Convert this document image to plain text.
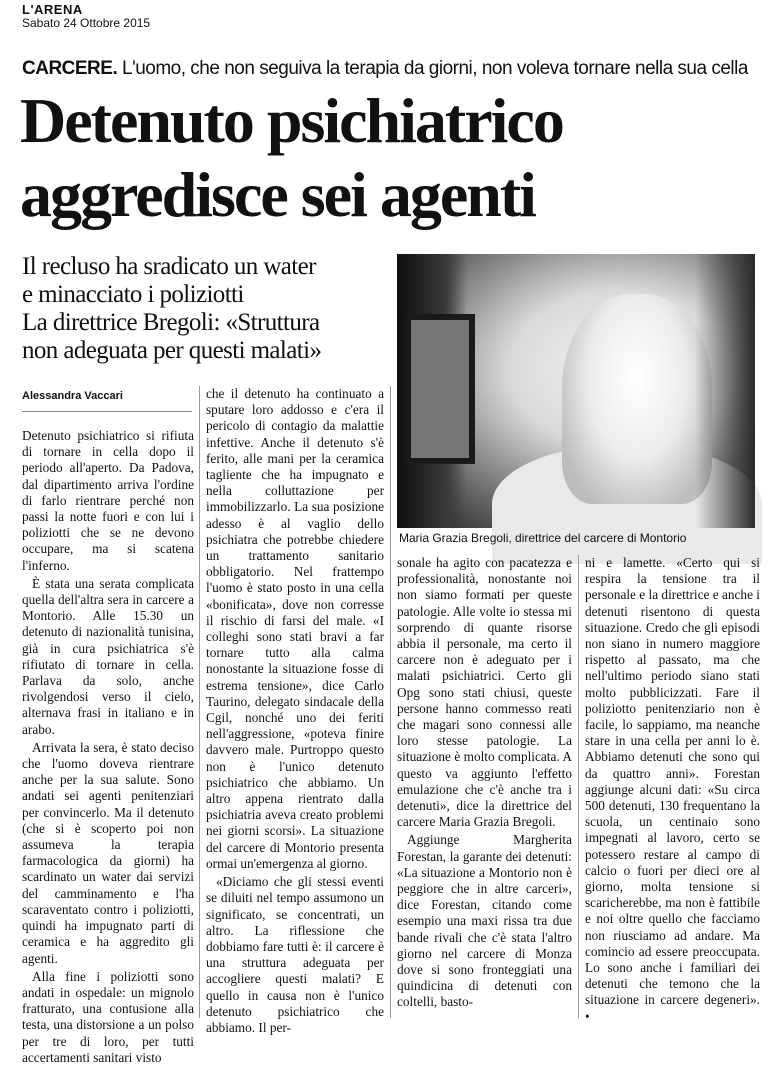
L'ARENA
Sabato 24 Ottobre 2015
CARCERE. L'uomo, che non seguiva la terapia da giorni, non voleva tornare nella sua cella
Detenuto psichiatrico
aggredisce sei agenti
Il recluso ha sradicato un water
e minacciato i poliziotti
La direttrice Bregoli: «Struttura
non adeguata per questi malati»
Maria Grazia Bregoli, direttrice del carcere di Montorio
Alessandra Vaccari

Detenuto psichiatrico si rifiuta di tornare in cella dopo il periodo all'aperto. Da Padova, dal dipartimento arriva l'ordine di farlo rientrare perché non passi la notte fuori e con lui i poliziotti che se ne devono occupare, ma si scatena l'inferno.

È stata una serata complicata quella dell'altra sera in carcere a Montorio. Alle 15.30 un detenuto di nazionalità tunisina, già in cura psichiatrica s'è rifiutato di tornare in cella. Parlava da solo, anche rivolgendosi verso il cielo, alternava frasi in italiano e in arabo.

Arrivata la sera, è stato deciso che l'uomo doveva rientrare anche per la sua salute. Sono andati sei agenti penitenziari per convincerlo. Ma il detenuto (che si è scoperto poi non assumeva la terapia farmacologica da giorni) ha scardinato un water dai servizi del camminamento e l'ha scaraventato contro i poliziotti, quindi ha impugnato parti di ceramica e ha aggredito gli agenti.

Alla fine i poliziotti sono andati in ospedale: un mignolo fratturato, una contusione alla testa, una distorsione a un polso per tre di loro, per tutti accertamenti sanitari visto

che il detenuto ha continuato a sputare loro addosso e c'era il pericolo di contagio da malattie infettive. Anche il detenuto s'è ferito, alle mani per la ceramica tagliente che ha impugnato e nella colluttazione per immobilizzarlo. La sua posizione adesso è al vaglio dello psichiatra che potrebbe chiedere un trattamento sanitario obbligatorio. Nel frattempo l'uomo è stato posto in una cella «bonificata», dove non corresse il rischio di farsi del male. «I colleghi sono stati bravi a far tornare tutto alla calma nonostante la situazione fosse di estrema tensione», dice Carlo Taurino, delegato sindacale della Cgil, nonché uno dei feriti nell'aggressione, «poteva finire davvero male. Purtroppo questo non è l'unico detenuto psichiatrico che abbiamo. Un altro appena rientrato dalla psichiatria aveva creato problemi nei giorni scorsi». La situazione del carcere di Montorio presenta ormai un'emergenza al giorno.

«Diciamo che gli stessi eventi se diluiti nel tempo assumono un significato, se concentrati, un altro. La riflessione che dobbiamo fare tutti è: il carcere è una struttura adeguata per accogliere questi malati? E quello in causa non è l'unico detenuto psichiatrico che abbiamo. Il per-

sonale ha agito con pacatezza e professionalità, nonostante noi non siamo formati per queste patologie. Alle volte io stessa mi sorprendo di quante risorse abbia il personale, ma certo il carcere non è adeguato per i malati psichiatrici. Certo gli Opg sono stati chiusi, queste persone hanno commesso reati che magari sono connessi alle loro stesse patologie. La situazione è molto complicata. A questo va aggiunto l'effetto emulazione che c'è anche tra i detenuti», dice la direttrice del carcere Maria Grazia Bregoli.

Aggiunge Margherita Forestan, la garante dei detenuti: «La situazione a Montorio non è peggiore che in altre carceri», dice Forestan, citando come esempio una maxi rissa tra due bande rivali che c'è stata l'altro giorno nel carcere di Monza dove si sono fronteggiati una quindicina di detenuti con coltelli, basto-

ni e lamette. «Certo qui si respira la tensione tra il personale e la direttrice e anche i detenuti risentono di questa situazione. Credo che gli episodi non siano in numero maggiore rispetto al passato, ma che nell'ultimo periodo siano stati molto pubblicizzati. Fare il poliziotto penitenziario non è facile, lo sappiamo, ma neanche stare in una cella per anni lo è. Abbiamo detenuti che sono qui da quattro anni». Forestan aggiunge alcuni dati: «Su circa 500 detenuti, 130 frequentano la scuola, un centinaio sono impegnati al lavoro, certo se potessero restare al campo di calcio o fuori per dieci ore al giorno, molta tensione si scaricherebbe, ma non è fattibile e noi oltre quello che facciamo non riusciamo ad andare. Ma comincio ad essere preoccupata. Lo sono anche i familiari dei detenuti che temono che la situazione in carcere degeneri». •
